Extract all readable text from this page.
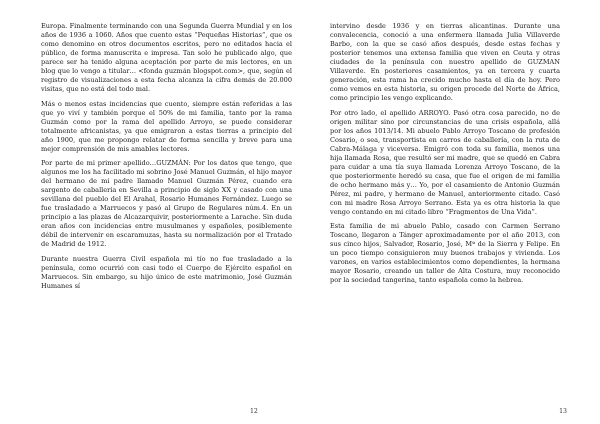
Europa. Finalmente terminando con una Segunda Guerra Mundial y en los años de 1936 a 1060. Años que cuento estas “Pequeñas Historias”, que os como denomino en otros documentos escritos, pero no editados hacia el público, de forma manuscrita e impresa. Tan solo he publicado algo, que parece ser ha tenido alguna aceptación por parte de mis lectores, en un blog que lo vengo a titular… <fonda guzmán blogspot.com>, que, según el registro de visualizaciones a esta fecha alcanza la cifra demás de 20.000 visitas, que no está del todo mal.

Más o menos estas incidencias que cuento, siempre están referidas a las que yo viví y también porque el 50% de mi familia, tanto por la rama Guzmán como por la rama del apellido Arroyo, se puede considerar totalmente africanistas, ya que emigraron a estas tierras a principio del año 1900, que me propongo relatar de forma sencilla y breve para una mejor comprensión de mis amables lectores.

Por parte de mi primer apellido…GUZMÁN: Por los datos que tengo, que algunos me los ha facilitado mi sobrino José Manuel Guzmán, el hijo mayor del hermano de mi padre llamado Manuel Guzmán Pérez, cuando era sargento de caballería en Sevilla a principio de siglo XX y casado con una sevillana del pueblo del El Arahal, Rosario Humanes Fernández. Luego se fue trasladado a Marruecos y pasó al Grupo de Regulares núm.4. En un principio a las plazas de Alcazarquivir, posteriormente a Larache. Sin duda eran años con incidencias entre musulmanes y españoles, posiblemente débil de intervenir en escaramuzas, hasta su normalización por el Tratado de Madrid de 1912.

Durante nuestra Guerra Civil española mi tío no fue trasladado a la península, como ocurrió con casi todo el Cuerpo de Ejército español en Marruecos. Sin embargo, su hijo único de este matrimonio, José Guzmán Humanes sí

12

intervino desde 1936 y en tierras alicantinas. Durante una convalecencia, conoció a una enfermera llamada Julia Villaverde Barbo, con la que se casó años después, desde estas fechas y posterior tenemos una extensa familia que viven en Ceuta y otras ciudades de la península con nuestro apellido de GUZMAN Villaverde. En posteriores casamientos, ya en tercera y cuarta generación, esta rama ha crecido mucho hasta el día de hoy. Pero como vemos en esta historia, su origen procede del Norte de África, como principio les vengo explicando.

Por otro lado, el apellido ARROYO. Pasó otra cosa parecido, no de origen militar sino por circunstancias de una crisis española, allá por los años 1013/14. Mi abuelo Pablo Arroyo Toscano de profesión Cosario, o sea, transportista en carros de caballería, con la ruta de Cabra-Málaga y viceversa. Emigró con toda su familia, menos una hija llamada Rosa, que resultó ser mi madre, que se quedó en Cabra para cuidar a una tía suya llamada Lorenza Arroyo Toscano, de la que posteriormente heredó su casa, que fue el origen de mi familia de ocho hermano más y… Yo, por el casamiento de Antonio Guzmán Pérez, mi padre, y hermano de Manuel, anteriormente citado. Casó con mi madre Rosa Arroyo Serrano. Esta ya es otra historia la que vengo contando en mi citado libro “Fragmentos de Una Vida”.

Esta familia de mi abuelo Pablo, casado con Carmen Serrano Toscano, llegaron a Tánger aproximadamente por el año 2013, con sus cinco hijos, Salvador, Rosario, José, Mª de la Sierra y Felipe. En un poco tiempo consiguieron muy buenos trabajos y vivienda. Los varones, en varios establecimientos como dependientes, la hermana mayor Rosario, creando un taller de Alta Costura, muy reconocido por la sociedad tangerina, tanto española como la hebrea.

13
